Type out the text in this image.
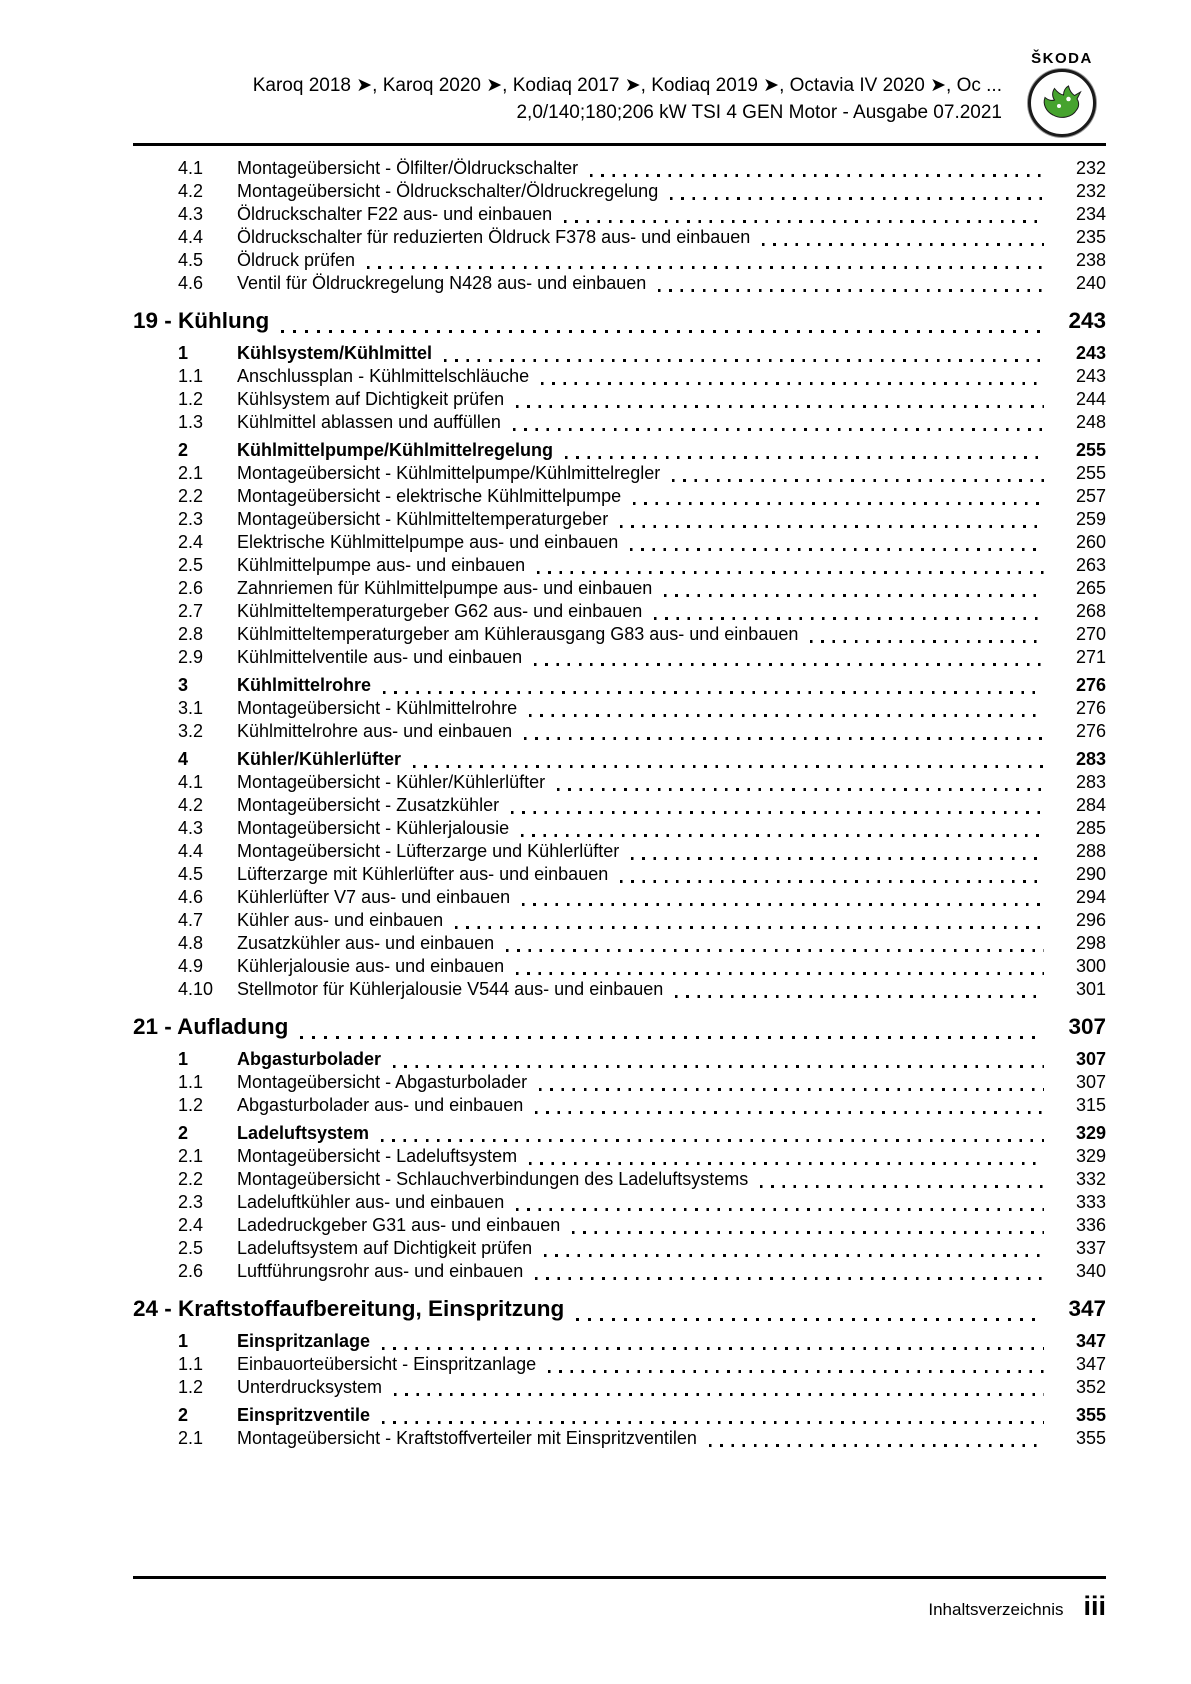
Karoq 2018 ➤, Karoq 2020 ➤, Kodiaq 2017 ➤, Kodiaq 2019 ➤, Octavia IV 2020 ➤, Oc ...
2,0/140;180;206 kW TSI 4 GEN Motor - Ausgabe 07.2021
ŠKODA
4.1	Montageübersicht - Ölfilter/Öldruckschalter	232
4.2	Montageübersicht - Öldruckschalter/Öldruckregelung	232
4.3	Öldruckschalter F22 aus- und einbauen	234
4.4	Öldruckschalter für reduzierten Öldruck F378 aus- und einbauen	235
4.5	Öldruck prüfen	238
4.6	Ventil für Öldruckregelung N428 aus- und einbauen	240
19 - Kühlung	243
1	Kühlsystem/Kühlmittel	243
1.1	Anschlussplan - Kühlmittelschläuche	243
1.2	Kühlsystem auf Dichtigkeit prüfen	244
1.3	Kühlmittel ablassen und auffüllen	248
2	Kühlmittelpumpe/Kühlmittelregelung	255
2.1	Montageübersicht - Kühlmittelpumpe/Kühlmittelregler	255
2.2	Montageübersicht - elektrische Kühlmittelpumpe	257
2.3	Montageübersicht - Kühlmitteltemperaturgeber	259
2.4	Elektrische Kühlmittelpumpe aus- und einbauen	260
2.5	Kühlmittelpumpe aus- und einbauen	263
2.6	Zahnriemen für Kühlmittelpumpe aus- und einbauen	265
2.7	Kühlmitteltemperaturgeber G62 aus- und einbauen	268
2.8	Kühlmitteltemperaturgeber am Kühlerausgang G83 aus- und einbauen	270
2.9	Kühlmittelventile aus- und einbauen	271
3	Kühlmittelrohre	276
3.1	Montageübersicht - Kühlmittelrohre	276
3.2	Kühlmittelrohre aus- und einbauen	276
4	Kühler/Kühlerlüfter	283
4.1	Montageübersicht - Kühler/Kühlerlüfter	283
4.2	Montageübersicht - Zusatzkühler	284
4.3	Montageübersicht - Kühlerjalousie	285
4.4	Montageübersicht - Lüfterzarge und Kühlerlüfter	288
4.5	Lüfterzarge mit Kühlerlüfter aus- und einbauen	290
4.6	Kühlerlüfter V7 aus- und einbauen	294
4.7	Kühler aus- und einbauen	296
4.8	Zusatzkühler aus- und einbauen	298
4.9	Kühlerjalousie aus- und einbauen	300
4.10	Stellmotor für Kühlerjalousie V544 aus- und einbauen	301
21 - Aufladung	307
1	Abgasturbolader	307
1.1	Montageübersicht - Abgasturbolader	307
1.2	Abgasturbolader aus- und einbauen	315
2	Ladeluftsystem	329
2.1	Montageübersicht - Ladeluftsystem	329
2.2	Montageübersicht - Schlauchverbindungen des Ladeluftsystems	332
2.3	Ladeluftkühler aus- und einbauen	333
2.4	Ladedruckgeber G31 aus- und einbauen	336
2.5	Ladeluftsystem auf Dichtigkeit prüfen	337
2.6	Luftführungsrohr aus- und einbauen	340
24 - Kraftstoffaufbereitung, Einspritzung	347
1	Einspritzanlage	347
1.1	Einbauorteübersicht - Einspritzanlage	347
1.2	Unterdrucksystem	352
2	Einspritzventile	355
2.1	Montageübersicht - Kraftstoffverteiler mit Einspritzventilen	355
Inhaltsverzeichnis iii
